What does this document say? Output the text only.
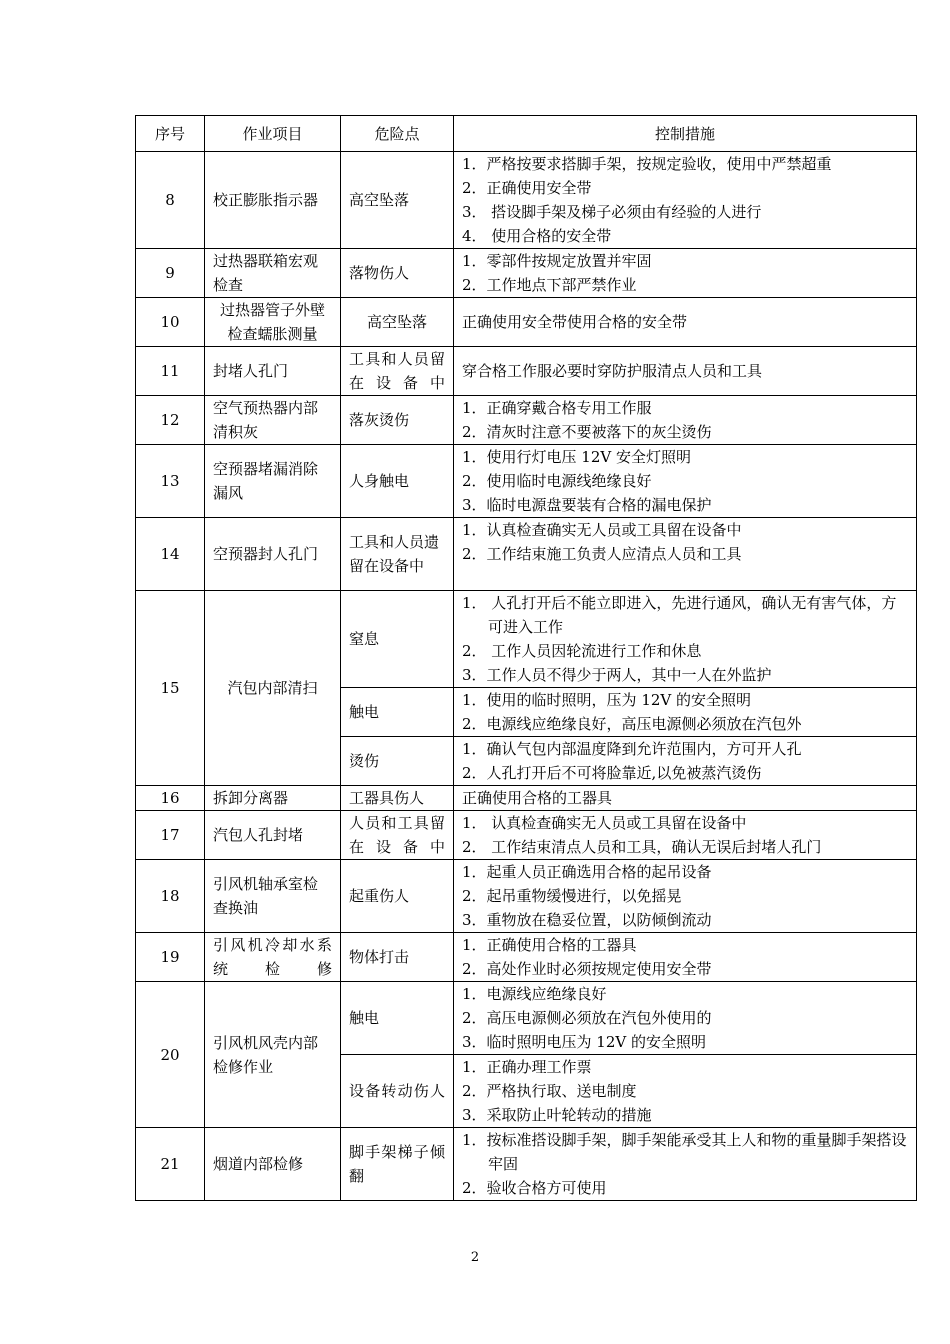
序号	作业项目	危险点	控制措施
8	校正膨胀指示器	高空坠落	1．严格按要求搭脚手架，按规定验收，使用中严禁超重
2．正确使用安全带
3． 搭设脚手架及梯子必须由有经验的人进行
4． 使用合格的安全带

9	过热器联箱宏观检查	落物伤人	1．零部件按规定放置并牢固
2．工作地点下部严禁作业

10	过热器管子外壁检查蠕胀测量	高空坠落	正确使用安全带使用合格的安全带

11	封堵人孔门	工具和人员留在设备中	穿合格工作服必要时穿防护服清点人员和工具

12	空气预热器内部清积灰	落灰烫伤	1．正确穿戴合格专用工作服
2．清灰时注意不要被落下的灰尘烫伤

13	空预器堵漏消除漏风	人身触电	1．使用行灯电压 12V 安全灯照明
2．使用临时电源线绝缘良好
3．临时电源盘要装有合格的漏电保护

14	空预器封人孔门	工具和人员遗留在设备中	1．认真检查确实无人员或工具留在设备中
2．工作结束施工负责人应清点人员和工具

15	汽包内部清扫	窒息	1． 人孔打开后不能立即进入，先进行通风，确认无有害气体，方可进入工作
2． 工作人员因轮流进行工作和休息
3．工作人员不得少于两人，其中一人在外监护

		触电	1．使用的临时照明，压为 12V 的安全照明
2．电源线应绝缘良好，高压电源侧必须放在汽包外

		烫伤	1．确认气包内部温度降到允许范围内，方可开人孔
2．人孔打开后不可将脸靠近,以免被蒸汽烫伤

16	拆卸分离器	工器具伤人	正确使用合格的工器具

17	汽包人孔封堵	人员和工具留在设备中	1． 认真检查确实无人员或工具留在设备中
2． 工作结束清点人员和工具，确认无误后封堵人孔门

18	引风机轴承室检查换油	起重伤人	1．起重人员正确选用合格的起吊设备
2．起吊重物缓慢进行，以免摇晃
3．重物放在稳妥位置，以防倾倒流动

19	引风机冷却水系统检修	物体打击	1．正确使用合格的工器具
2．高处作业时必须按规定使用安全带

20	引风机风壳内部检修作业	触电	1．电源线应绝缘良好
2．高压电源侧必须放在汽包外使用的
3．临时照明电压为 12V 的安全照明

		设备转动伤人	1．正确办理工作票
2．严格执行取、送电制度
3．采取防止叶轮转动的措施

21	烟道内部检修	脚手架梯子倾翻	1．按标准搭设脚手架，脚手架能承受其上人和物的重量脚手架搭设牢固
2．验收合格方可使用
2
